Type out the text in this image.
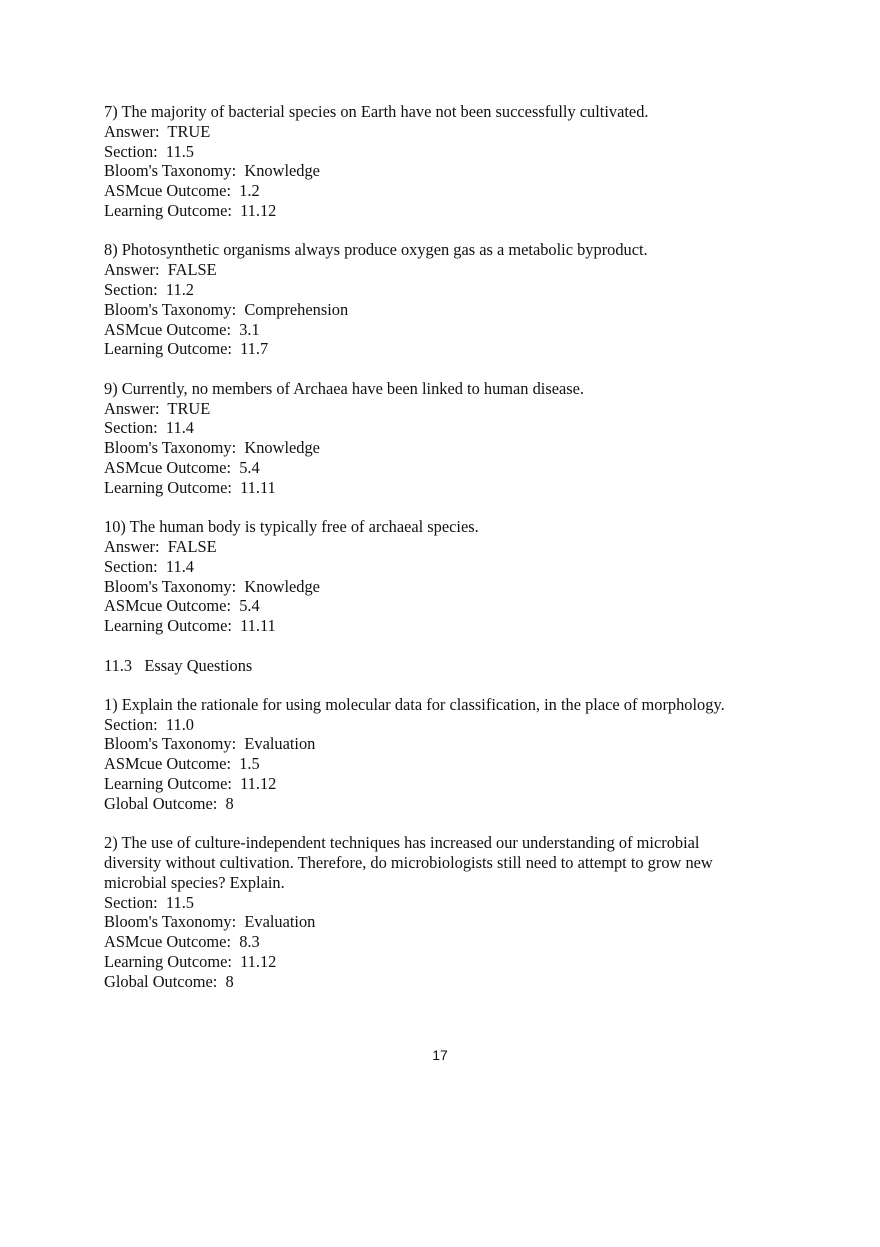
7) The majority of bacterial species on Earth have not been successfully cultivated.
Answer:  TRUE
Section:  11.5
Bloom's Taxonomy:  Knowledge
ASMcue Outcome:  1.2
Learning Outcome:  11.12
8) Photosynthetic organisms always produce oxygen gas as a metabolic byproduct.
Answer:  FALSE
Section:  11.2
Bloom's Taxonomy:  Comprehension
ASMcue Outcome:  3.1
Learning Outcome:  11.7
9) Currently, no members of Archaea have been linked to human disease.
Answer:  TRUE
Section:  11.4
Bloom's Taxonomy:  Knowledge
ASMcue Outcome:  5.4
Learning Outcome:  11.11
10) The human body is typically free of archaeal species.
Answer:  FALSE
Section:  11.4
Bloom's Taxonomy:  Knowledge
ASMcue Outcome:  5.4
Learning Outcome:  11.11
11.3   Essay Questions
1) Explain the rationale for using molecular data for classification, in the place of morphology.
Section:  11.0
Bloom's Taxonomy:  Evaluation
ASMcue Outcome:  1.5
Learning Outcome:  11.12
Global Outcome:  8
2) The use of culture-independent techniques has increased our understanding of microbial diversity without cultivation. Therefore, do microbiologists still need to attempt to grow new microbial species? Explain.
Section:  11.5
Bloom's Taxonomy:  Evaluation
ASMcue Outcome:  8.3
Learning Outcome:  11.12
Global Outcome:  8
17
